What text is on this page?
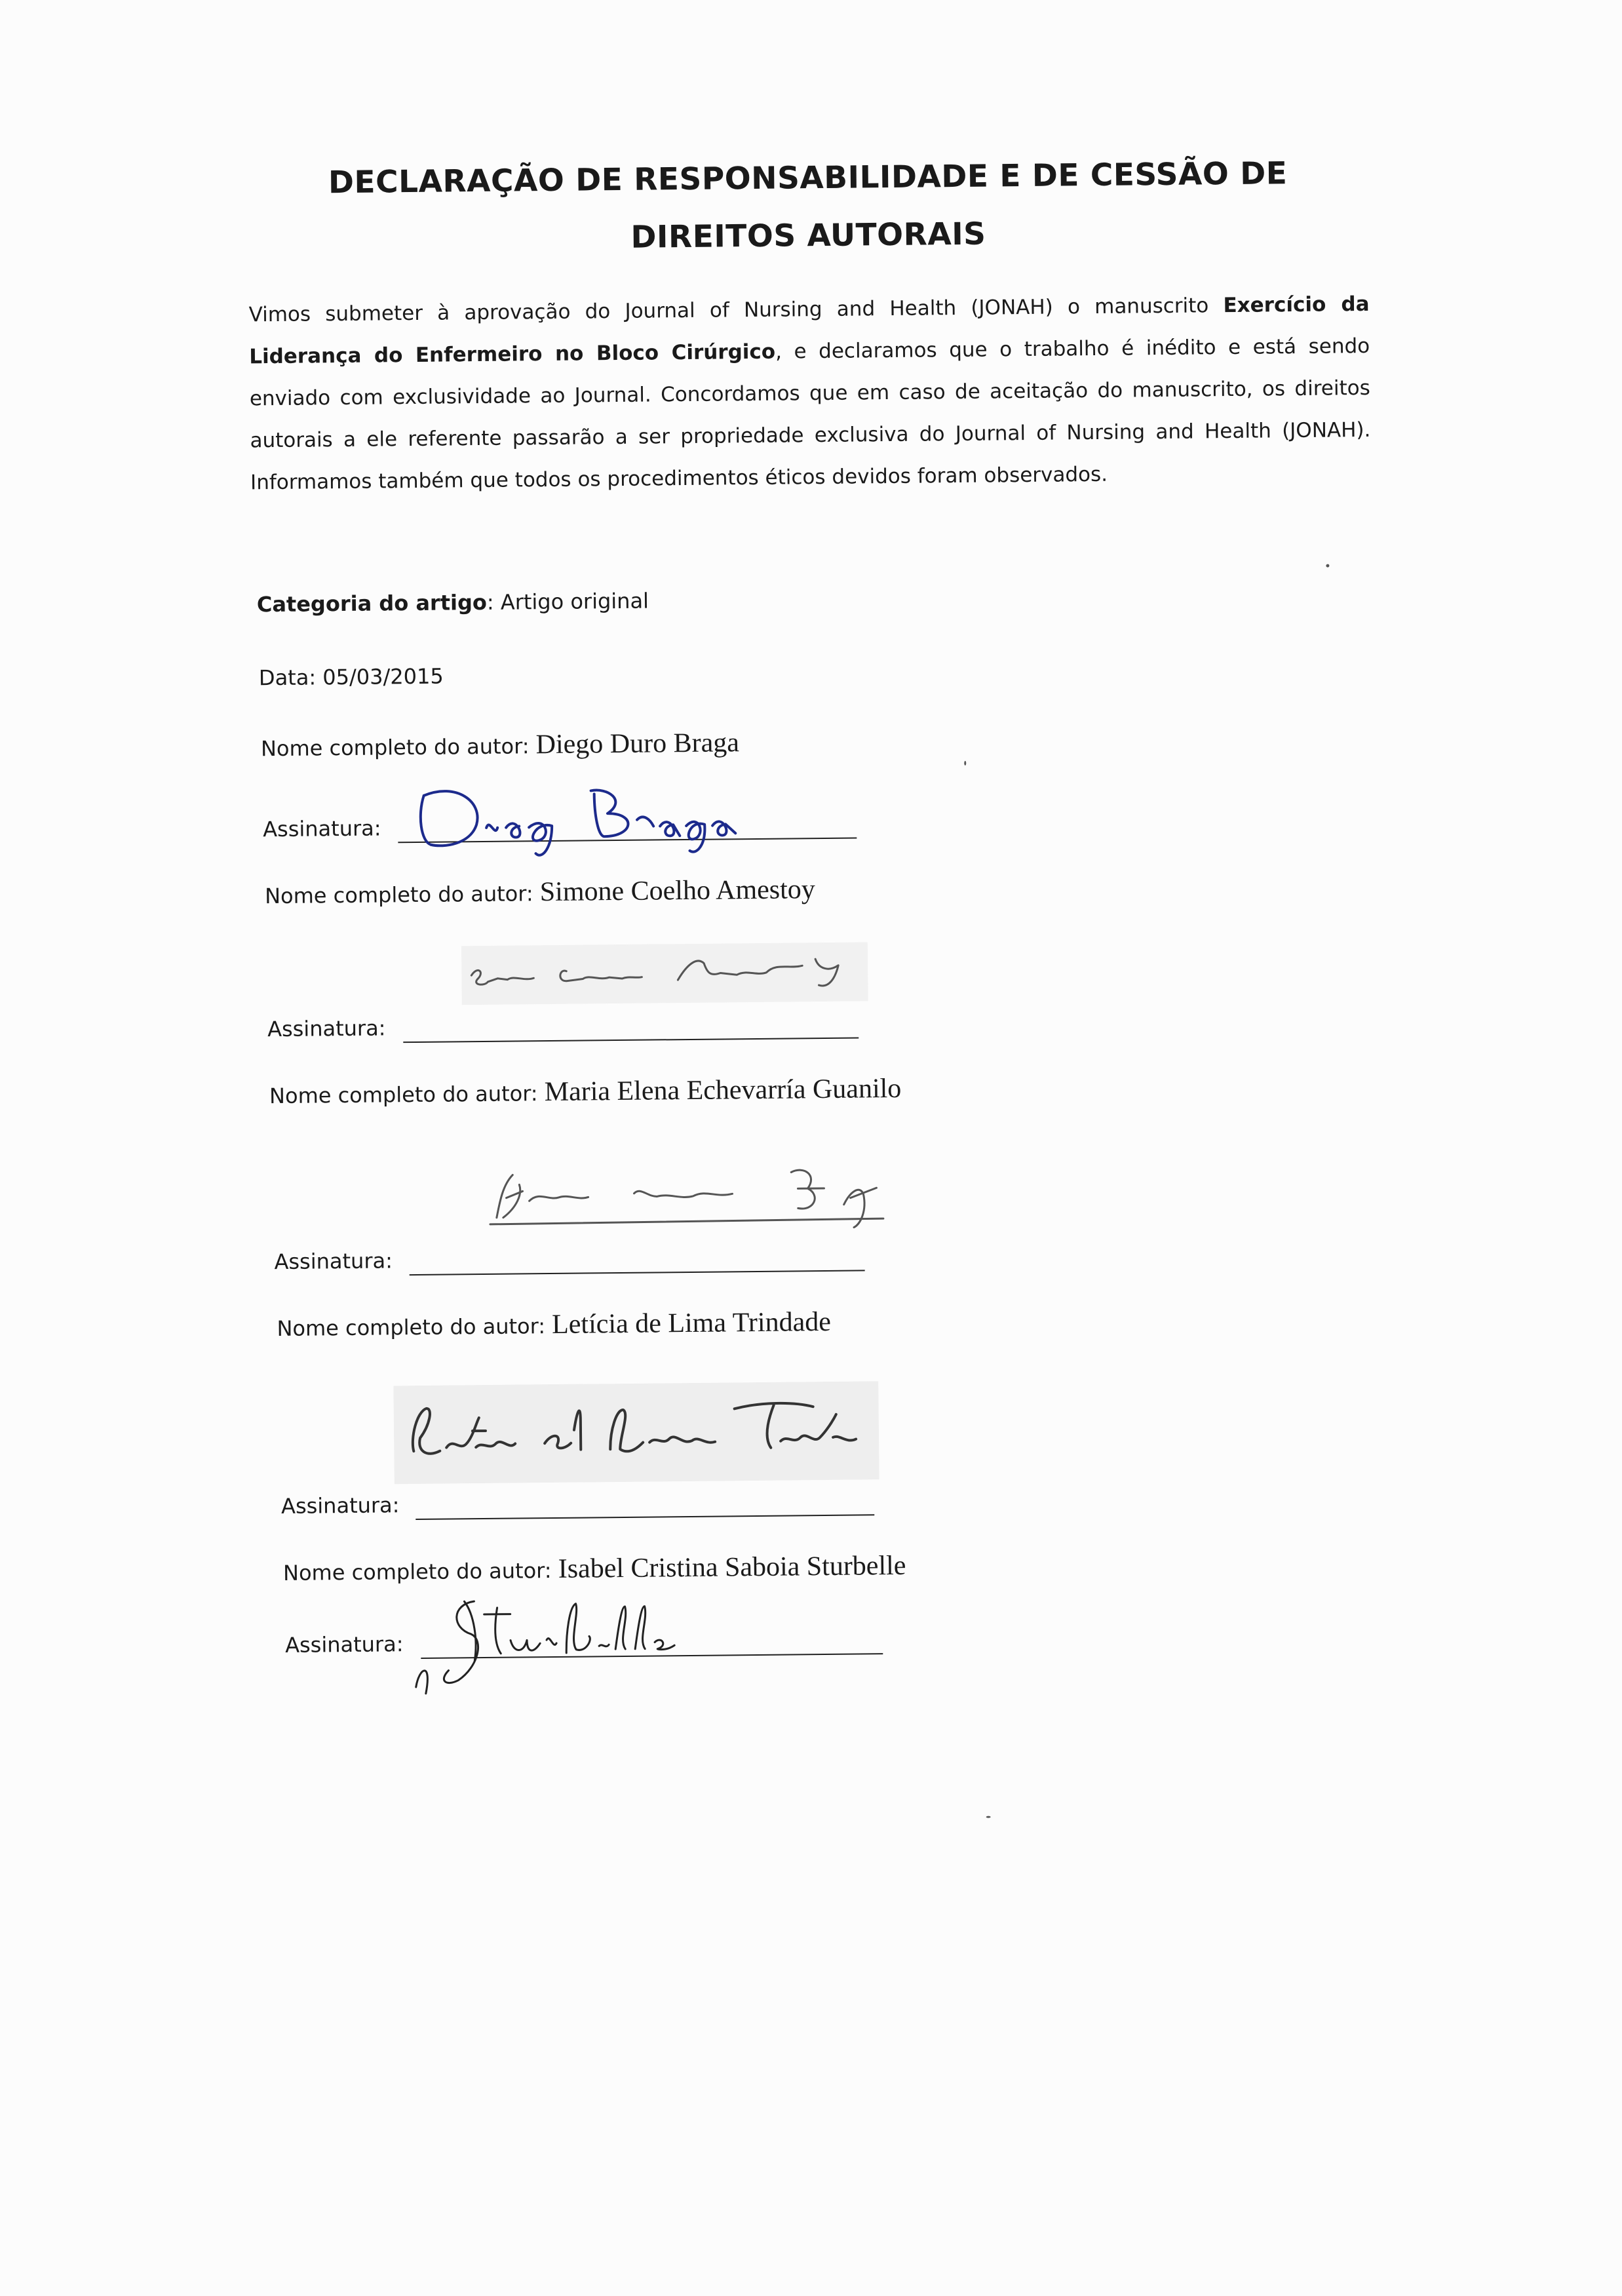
DECLARAÇÃO DE RESPONSABILIDADE E DE CESSÃO DE
DIREITOS AUTORAIS
Vimos submeter à aprovação do Journal of Nursing and Health (JONAH) o manuscrito Exercício da Liderança do Enfermeiro no Bloco Cirúrgico, e declaramos que o trabalho é inédito e está sendo enviado com exclusividade ao Journal. Concordamos que em caso de aceitação do manuscrito, os direitos autorais a ele referente passarão a ser propriedade exclusiva do Journal of Nursing and Health (JONAH). Informamos também que todos os procedimentos éticos devidos foram observados.
Categoria do artigo: Artigo original
Data: 05/03/2015
Nome completo do autor: Diego Duro Braga
Assinatura:
Nome completo do autor: Simone Coelho Amestoy
Assinatura:
Nome completo do autor: Maria Elena Echevarría Guanilo
Assinatura:
Nome completo do autor: Letícia de Lima Trindade
Assinatura:
Nome completo do autor: Isabel Cristina Saboia Sturbelle
Assinatura:
